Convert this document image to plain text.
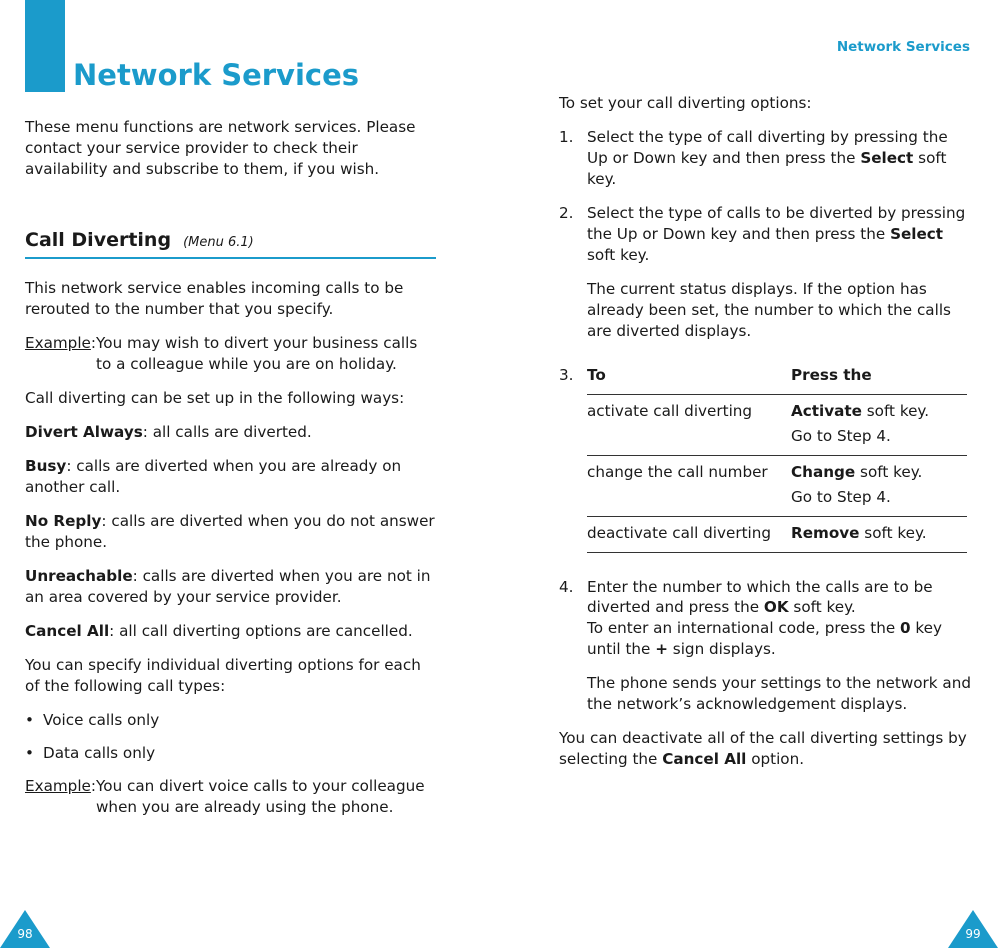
Network Services

These menu functions are network services. Please contact your service provider to check their availability and subscribe to them, if you wish.

Call Diverting (Menu 6.1)

This network service enables incoming calls to be rerouted to the number that you specify.

Example: You may wish to divert your business calls to a colleague while you are on holiday.

Call diverting can be set up in the following ways:

Divert Always: all calls are diverted.

Busy: calls are diverted when you are already on another call.

No Reply: calls are diverted when you do not answer the phone.

Unreachable: calls are diverted when you are not in an area covered by your service provider.

Cancel All: all call diverting options are cancelled.

You can specify individual diverting options for each of the following call types:

• Voice calls only
• Data calls only
Example: You can divert voice calls to your colleague when you are already using the phone.
98
Network Services

To set your call diverting options:

1. Select the type of call diverting by pressing the Up or Down key and then press the Select soft key.
2. Select the type of calls to be diverted by pressing the Up or Down key and then press the Select soft key.

The current status displays. If the option has already been set, the number to which the calls are diverted displays.

3. To	Press the
activate call diverting	Activate soft key.
Go to Step 4.

change the call number	Change soft key.
Go to Step 4.

deactivate call diverting	Remove soft key.
4. Enter the number to which the calls are to be diverted and press the OK soft key.
To enter an international code, press the 0 key until the + sign displays.

The phone sends your settings to the network and the network’s acknowledgement displays.

You can deactivate all of the call diverting settings by selecting the Cancel All option.

99
